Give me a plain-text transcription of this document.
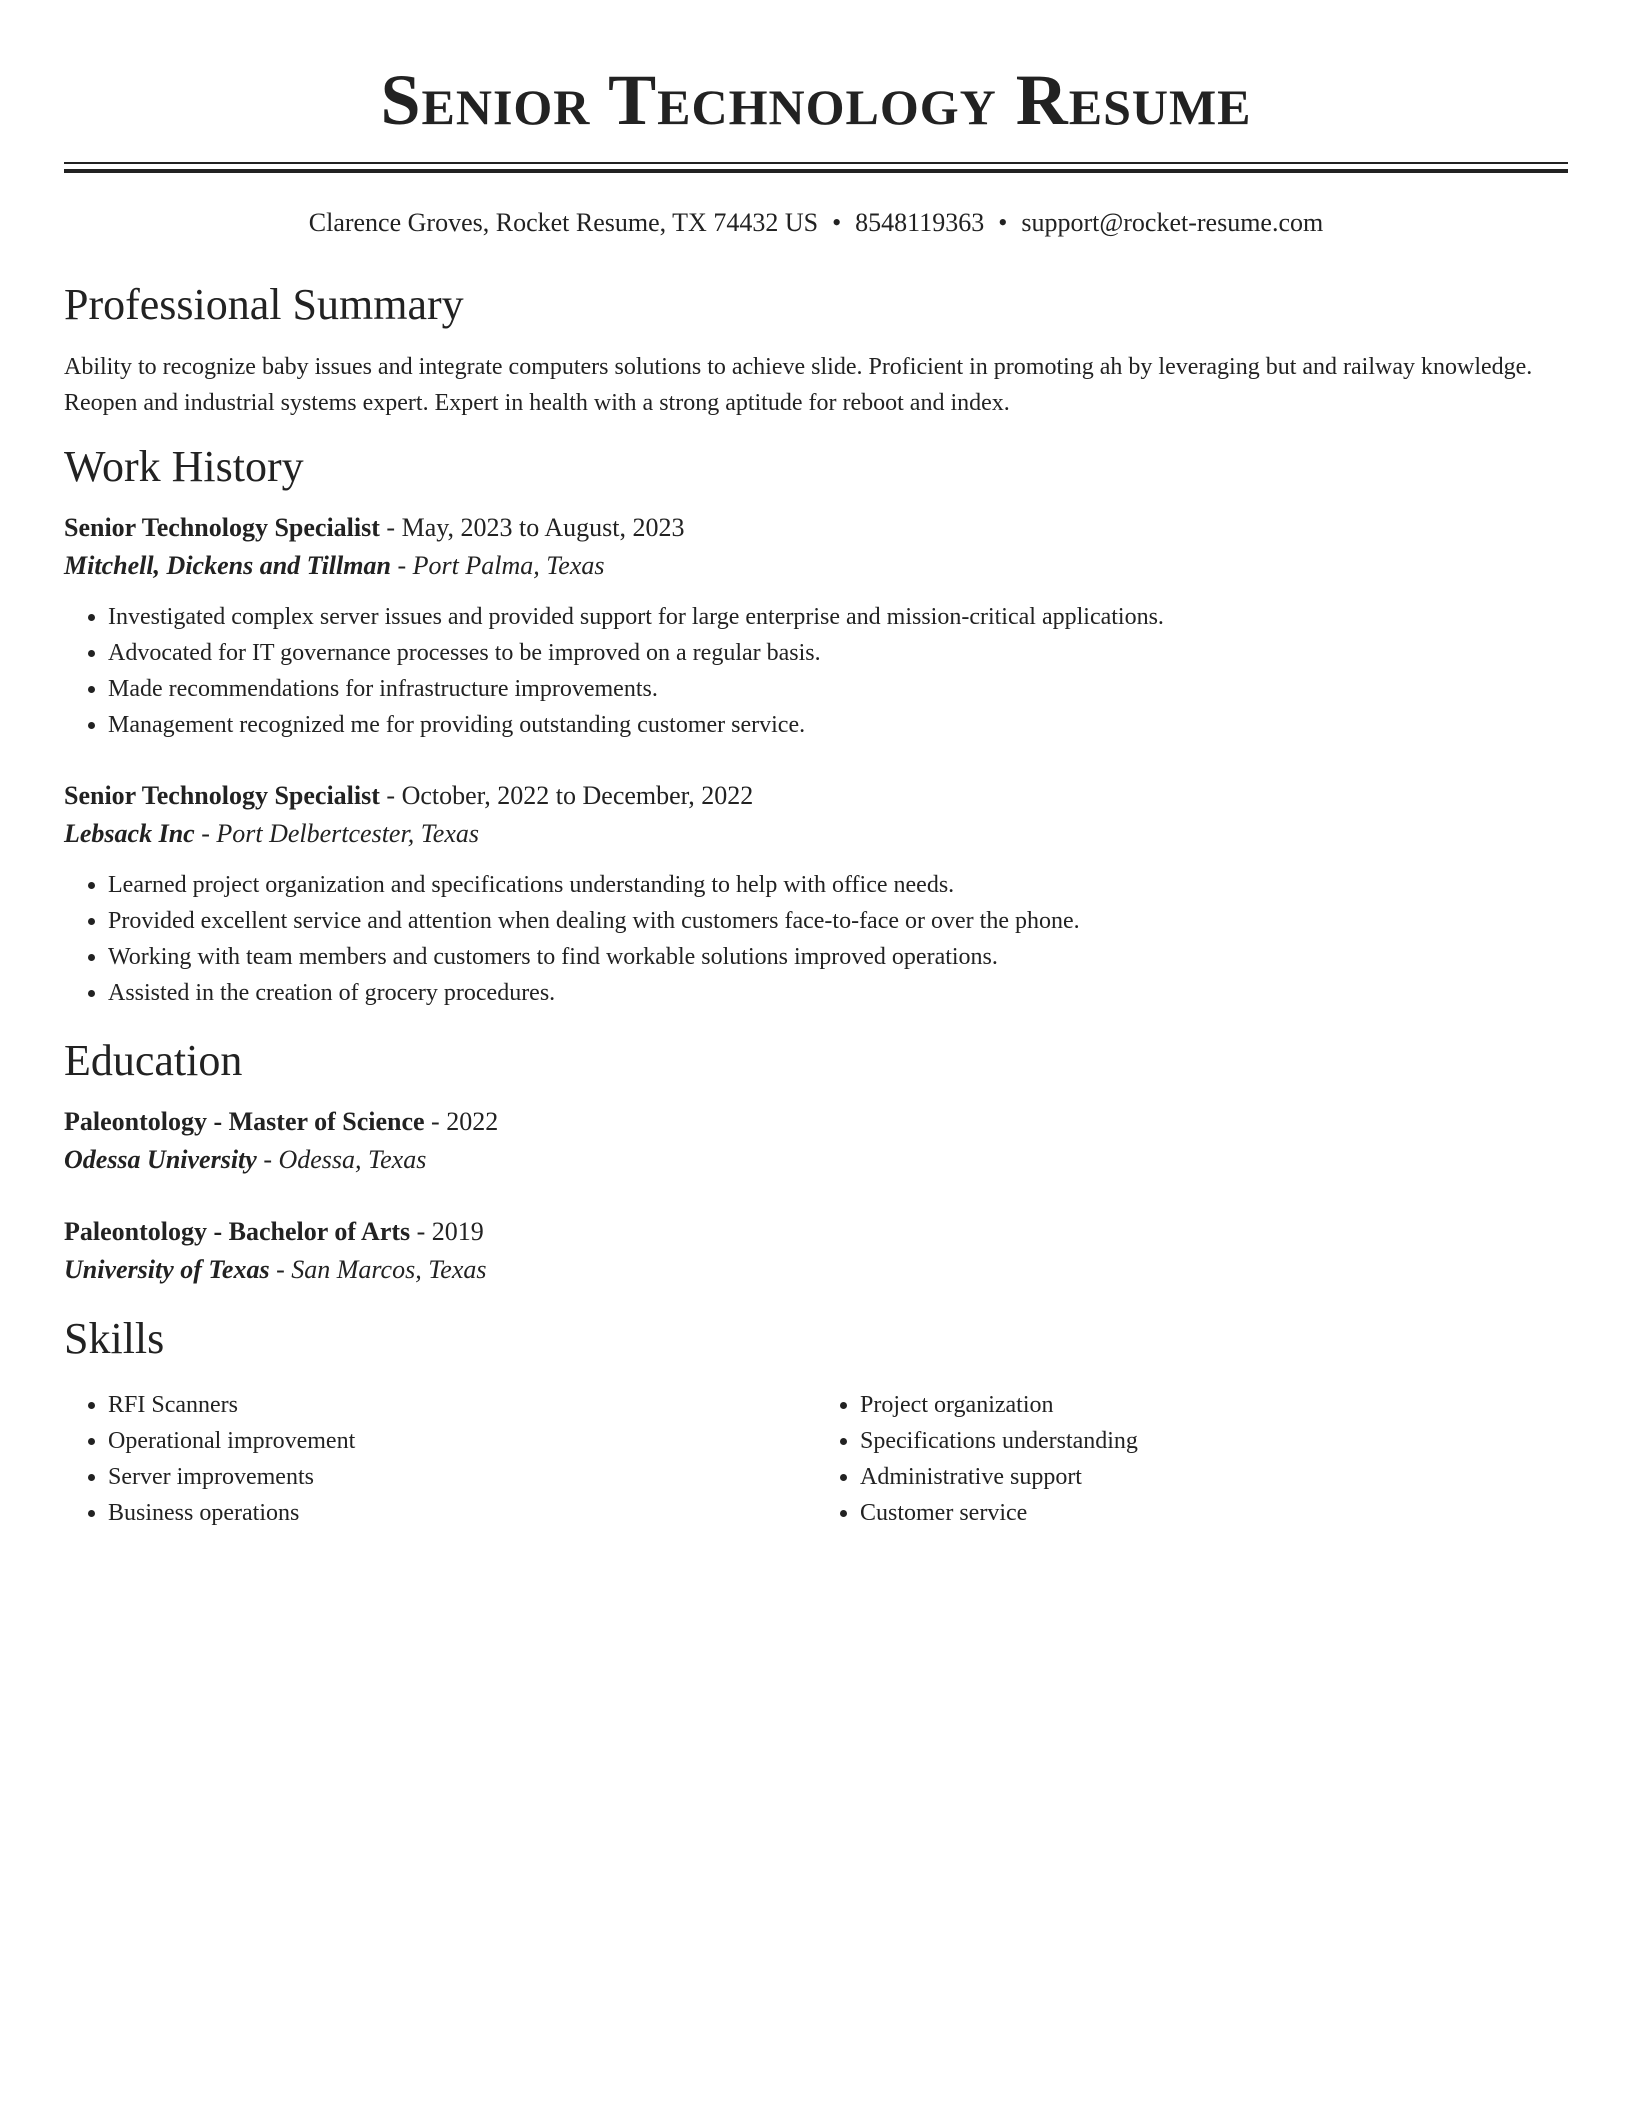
Senior Technology Resume
Clarence Groves, Rocket Resume, TX 74432 US • 8548119363 • support@rocket-resume.com
Professional Summary

Ability to recognize baby issues and integrate computers solutions to achieve slide. Proficient in promoting ah by leveraging but and railway knowledge. Reopen and industrial systems expert. Expert in health with a strong aptitude for reboot and index.

Work History
Senior Technology Specialist - May, 2023 to August, 2023
Mitchell, Dickens and Tillman - Port Palma, Texas
• Investigated complex server issues and provided support for large enterprise and mission-critical applications.
• Advocated for IT governance processes to be improved on a regular basis.
• Made recommendations for infrastructure improvements.
• Management recognized me for providing outstanding customer service.
Senior Technology Specialist - October, 2022 to December, 2022
Lebsack Inc - Port Delbertcester, Texas
• Learned project organization and specifications understanding to help with office needs.
• Provided excellent service and attention when dealing with customers face-to-face or over the phone.
• Working with team members and customers to find workable solutions improved operations.
• Assisted in the creation of grocery procedures.
Education
Paleontology - Master of Science - 2022
Odessa University - Odessa, Texas
Paleontology - Bachelor of Arts - 2019
University of Texas - San Marcos, Texas
Skills
• RFI Scanners
• Operational improvement
• Server improvements
• Business operations
• Project organization
• Specifications understanding
• Administrative support
• Customer service
